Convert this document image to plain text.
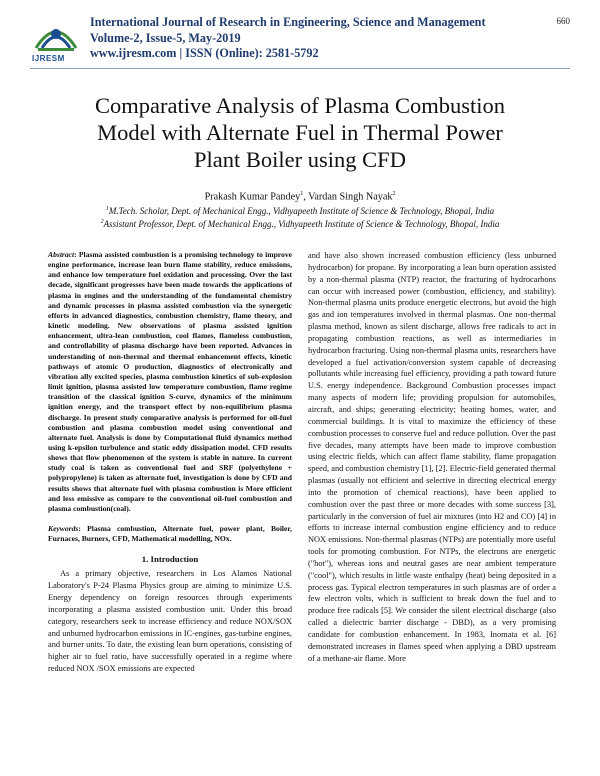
IJRESM
International Journal of Research in Engineering, Science and Management
Volume-2, Issue-5, May-2019
www.ijresm.com | ISSN (Online): 2581-5792
660
Comparative Analysis of Plasma Combustion
Model with Alternate Fuel in Thermal Power
Plant Boiler using CFD
Prakash Kumar Pandey$^1$, Vardan Singh Nayak$^2$
$^1$M.Tech. Scholar, Dept. of Mechanical Engg., Vidhyapeeth Institute of Science & Technology, Bhopal, India
$^2$Assistant Professor, Dept. of Mechanical Engg., Vidhyapeeth Institute of Science & Technology, Bhopal, India

Abstract: Plasma assisted combustion is a promising technology to improve engine performance, increase lean burn flame stability, reduce emissions, and enhance low temperature fuel oxidation and processing. Over the last decade, significant progresses have been made towards the applications of plasma in engines and the understanding of the fundamental chemistry and dynamic processes in plasma assisted combustion via the synergetic efforts in advanced diagnostics, combustion chemistry, flame theory, and kinetic modeling. New observations of plasma assisted ignition enhancement, ultra-lean combustion, cool flames, flameless combustion, and controllability of plasma discharge have been reported. Advances in understanding of non-thermal and thermal enhancement effects, kinetic pathways of atomic O production, diagnostics of electronically and vibration ally excited species, plasma combustion kinetics of sub-explosion limit ignition, plasma assisted low temperature combustion, flame regime transition of the classical ignition S-curve, dynamics of the minimum ignition energy, and the transport effect by non-equilibrium plasma discharge. In present study comparative analysis is performed for oil-fuel combustion and plasma combustion model using conventional and alternate fuel. Analysis is done by Computational fluid dynamics method using k-epsilon turbulence and static eddy dissipation model. CFD results shows that flow phenomenon of the system is stable in nature. In current study coal is taken as conventional fuel and SRF (polyethylene + polypropylene) is taken as alternate fuel, investigation is done by CFD and results shows that alternate fuel with plasma combustion is More efficient and less emissive as compare to the conventional oil-fuel combustion and plasma combustion(coal).

Keywords: Plasma combustion, Alternate fuel, power plant, Boiler, Furnaces, Burners, CFD, Mathematical modelling, NOx.

1. Introduction

As a primary objective, researchers in Los Alamos National Laboratory's P-24 Plasma Physics group are aiming to minimize U.S. Energy dependency on foreign resources through experiments incorporating a plasma assisted combustion unit. Under this broad category, researchers seek to increase efficiency and reduce NOX/SOX and unburned hydrocarbon emissions in IC-engines, gas-turbine engines, and burner units. To date, the existing lean burn operations, consisting of higher air to fuel ratio, have successfully operated in a regime where reduced NOX /SOX emissions are expected

and have also shown increased combustion efficiency (less unburned hydrocarbon) for propane. By incorporating a lean burn operation assisted by a non-thermal plasma (NTP) reactor, the fracturing of hydrocarbons can occur with increased power (combustion, efficiency, and stability). Non-thermal plasma units produce energetic electrons, but avoid the high gas and ion temperatures involved in thermal plasmas. One non-thermal plasma method, known as silent discharge, allows free radicals to act in propagating combustion reactions, as well as intermediaries in hydrocarbon fracturing. Using non-thermal plasma units, researchers have developed a fuel activation/conversion system capable of decreasing pollutants while increasing fuel efficiency, providing a path toward future U.S. energy independence. Background Combustion processes impact many aspects of modern life; providing propulsion for automobiles, aircraft, and ships; generating electricity; heating homes, water, and commercial buildings. It is vital to maximize the efficiency of these combustion processes to conserve fuel and reduce pollution. Over the past five decades, many attempts have been made to improve combustion using electric fields, which can affect flame stability, flame propagation speed, and combustion chemistry [1], [2]. Electric-field generated thermal plasmas (usually not efficient and selective in directing electrical energy into the promotion of chemical reactions), have been applied to combustion over the past three or more decades with some success [3], particularly in the conversion of fuel air mixtures (into H2 and CO) [4] in efforts to increase internal combustion engine efficiency and to reduce NOX emissions. Non-thermal plasmas (NTPs) are potentially more useful tools for promoting combustion. For NTPs, the electrons are energetic ("hot"), whereas ions and neutral gases are near ambient temperature ("cool"), which results in little waste enthalpy (heat) being deposited in a process gas. Typical electron temperatures in such plasmas are of order a few electron volts, which is sufficient to break down the fuel and to produce free radicals [5]. We consider the silent electrical discharge (also called a dielectric barrier discharge - DBD), as a very promising candidate for combustion enhancement. In 1983, Inomata et al. [6] demonstrated increases in flames speed when applying a DBD upstream of a methane-air flame. More
